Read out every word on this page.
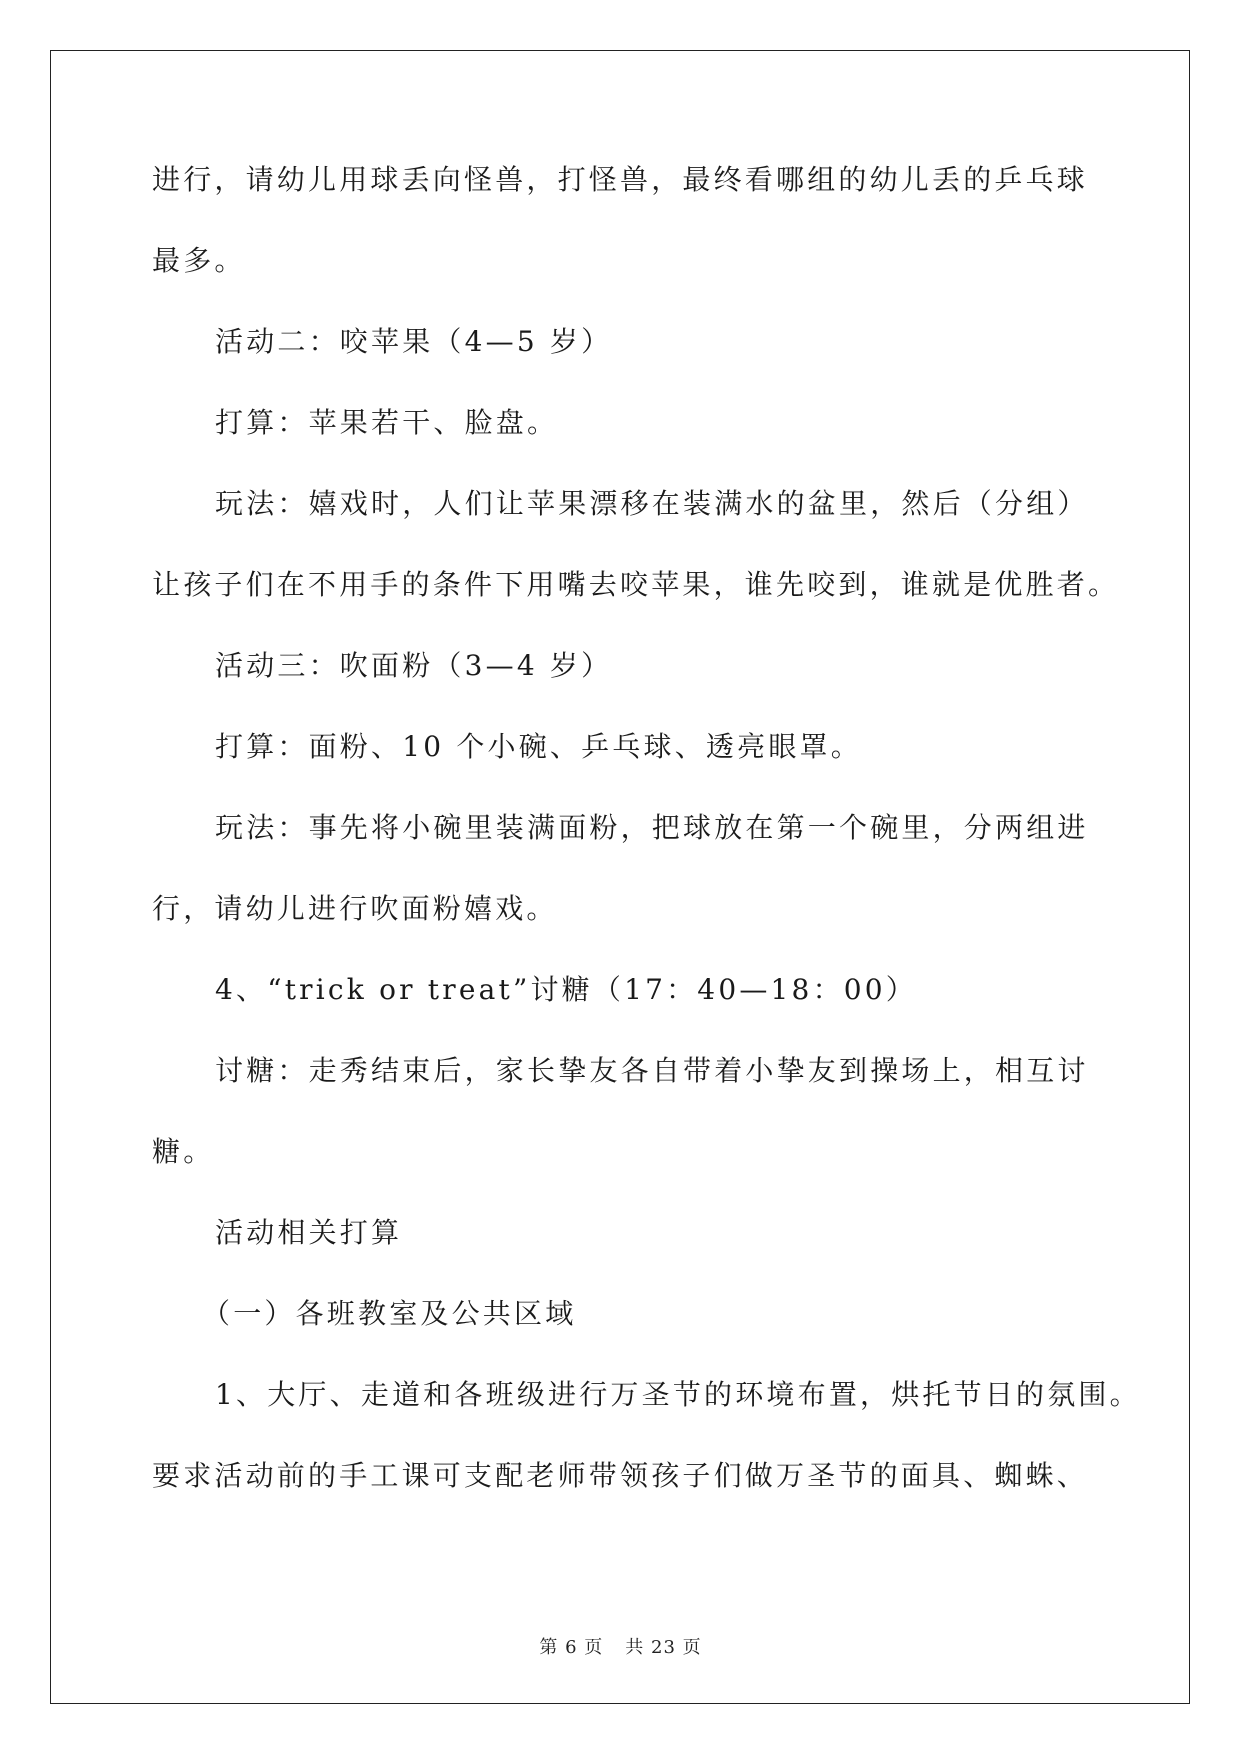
进行，请幼儿用球丢向怪兽，打怪兽，最终看哪组的幼儿丢的乒乓球

最多。

活动二：咬苹果（4—5 岁）

打算：苹果若干、脸盘。

玩法：嬉戏时，人们让苹果漂移在装满水的盆里，然后（分组）

让孩子们在不用手的条件下用嘴去咬苹果，谁先咬到，谁就是优胜者。

活动三：吹面粉（3—4 岁）

打算：面粉、10 个小碗、乒乓球、透亮眼罩。

玩法：事先将小碗里装满面粉，把球放在第一个碗里，分两组进

行，请幼儿进行吹面粉嬉戏。

4、“trick or treat”讨糖（17：40—18：00）

讨糖：走秀结束后，家长挚友各自带着小挚友到操场上，相互讨

糖。

活动相关打算

（一）各班教室及公共区域

1、大厅、走道和各班级进行万圣节的环境布置，烘托节日的氛围。

要求活动前的手工课可支配老师带领孩子们做万圣节的面具、蜘蛛、

第 6 页 共 23 页
